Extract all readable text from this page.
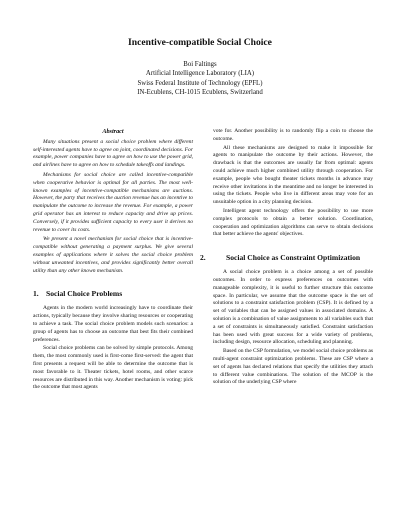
Incentive-compatible Social Choice
Boi Faltings
Artificial Intelligence Laboratory (LIA)
Swiss Federal Institute of Technology (EPFL)
IN-Ecublens, CH-1015 Ecublens, Switzerland
Abstract

Many situations present a social choice problem where different self-interested agents have to agree on joint, coordinated decisions. For example, power companies have to agree on how to use the power grid, and airlines have to agree on how to schedule takeoffs and landings.

Mechanisms for social choice are called incentive-compatible when cooperative behavior is optimal for all parties. The most well-known examples of incentive-compatible mechanisms are auctions. However, the party that receives the auction revenue has an incentive to manipulate the outcome to increase the revenue. For example, a power grid operator has an interest to reduce capacity and drive up prices. Conversely, if it provides sufficient capacity to every user it derives no revenue to cover its costs.

We present a novel mechanism for social choice that is incentive-compatible without generating a payment surplus. We give several examples of applications where it solves the social choice problem without unwanted incentives, and provides significantly better overall utility than any other known mechanism.

1. Social Choice Problems

Agents in the modern world increasingly have to coordinate their actions, typically because they involve sharing resources or cooperating to achieve a task. The social choice problem models such scenarios: a group of agents has to choose an outcome that best fits their combined preferences.

Social choice problems can be solved by simple protocols. Among them, the most commonly used is first-come first-served: the agent that first presents a request will be able to determine the outcome that is most favorable to it. Theater tickets, hotel rooms, and other scarce resources are distributed in this way. Another mechanism is voting: pick the outcome that most agents

vote for. Another possibility is to randomly flip a coin to choose the outcome.

All these mechanisms are designed to make it impossible for agents to manipulate the outcome by their actions. However, the drawback is that the outcomes are usually far from optimal: agents could achieve much higher combined utility through cooperation. For example, people who bought theater tickets months in advance may receive other invitations in the meantime and no longer be interested in using the tickets. People who live in different areas may vote for an unsuitable option in a city planning decision.

Intelligent agent technology offers the possibility to use more complex protocols to obtain a better solution. Coordination, cooperation and optimization algorithms can serve to obtain decisions that better achieve the agents' objectives.

2.	Social Choice as Constraint Optimization

A social choice problem is a choice among a set of possible outcomes. In order to express preferences on outcomes with manageable complexity, it is useful to further structure this outcome space. In particular, we assume that the outcome space is the set of solutions to a constraint satisfaction problem (CSP). It is defined by a set of variables that can be assigned values in associated domains. A solution is a combination of value assignments to all variables such that a set of constraints is simultaneously satisfied. Constraint satisfaction has been used with great success for a wide variety of problems, including design, resource allocation, scheduling and planning.

Based on the CSP formulation, we model social choice problems as multi-agent constraint optimization problems. These are CSP where a set of agents has declared relations that specify the utilities they attach to different value combinations. The solution of the MCOP is the solution of the underlying CSP where
